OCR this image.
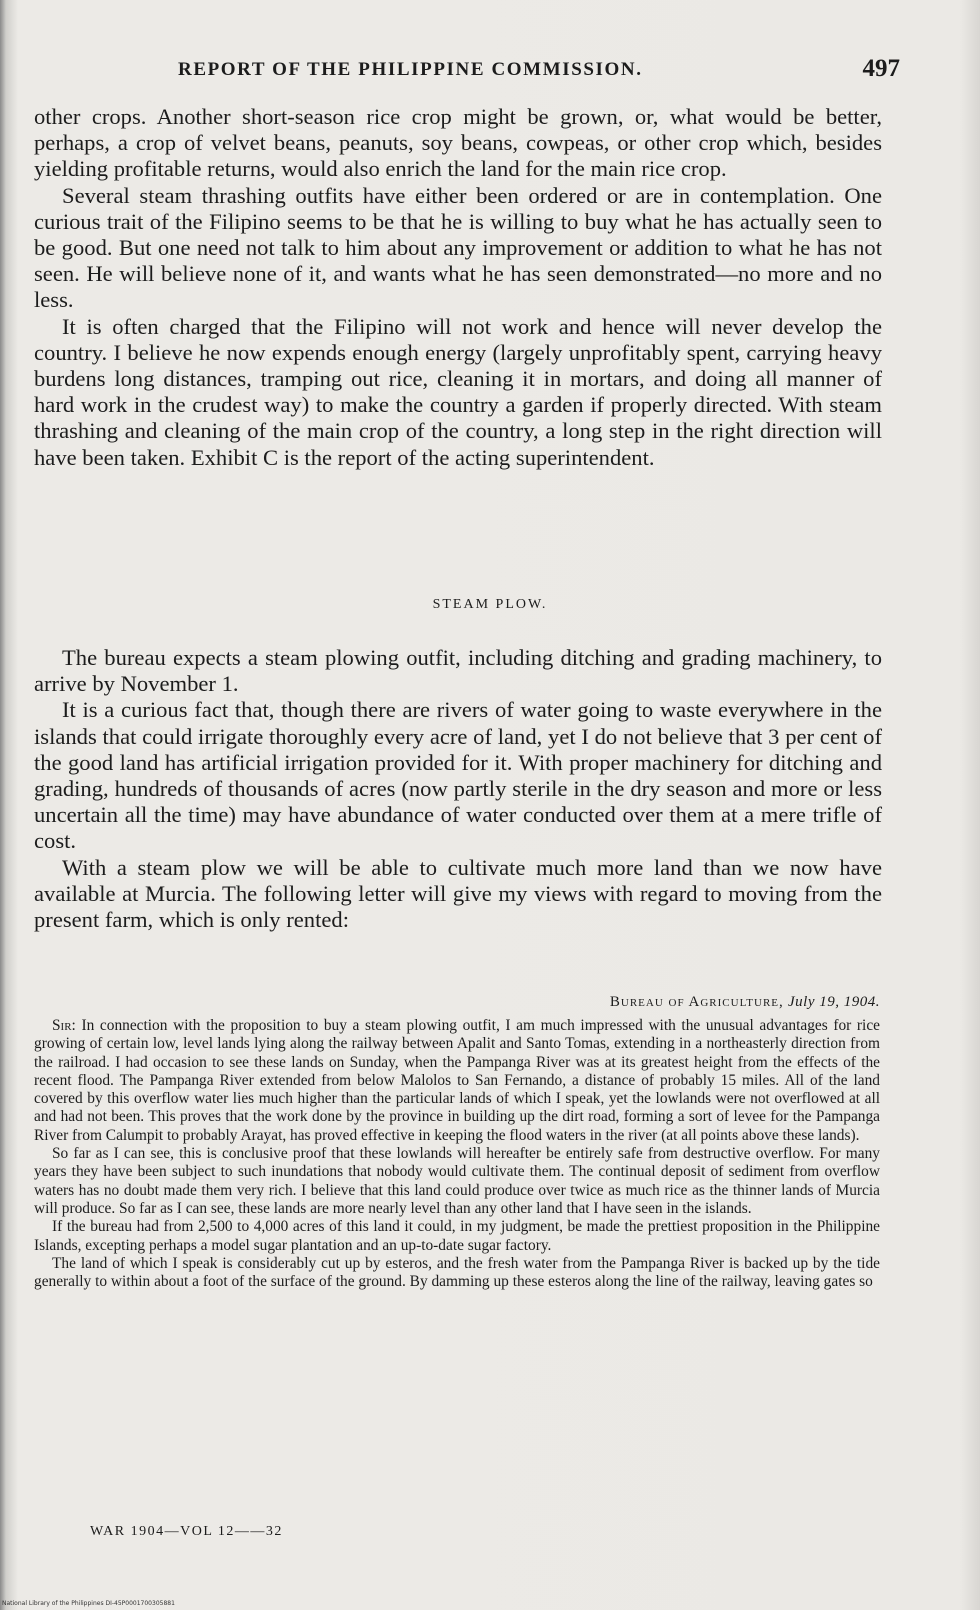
REPORT OF THE PHILIPPINE COMMISSION.	497

other crops. Another short-season rice crop might be grown, or, what would be better, perhaps, a crop of velvet beans, peanuts, soy beans, cowpeas, or other crop which, besides yielding profitable returns, would also enrich the land for the main rice crop.

Several steam thrashing outfits have either been ordered or are in contemplation. One curious trait of the Filipino seems to be that he is willing to buy what he has actually seen to be good. But one need not talk to him about any improvement or addition to what he has not seen. He will believe none of it, and wants what he has seen demonstrated—no more and no less.

It is often charged that the Filipino will not work and hence will never develop the country. I believe he now expends enough energy (largely unprofitably spent, carrying heavy burdens long distances, tramping out rice, cleaning it in mortars, and doing all manner of hard work in the crudest way) to make the country a garden if properly directed. With steam thrashing and cleaning of the main crop of the country, a long step in the right direction will have been taken. Exhibit C is the report of the acting superintendent.

STEAM PLOW.

The bureau expects a steam plowing outfit, including ditching and grading machinery, to arrive by November 1.

It is a curious fact that, though there are rivers of water going to waste everywhere in the islands that could irrigate thoroughly every acre of land, yet I do not believe that 3 per cent of the good land has artificial irrigation provided for it. With proper machinery for ditching and grading, hundreds of thousands of acres (now partly sterile in the dry season and more or less uncertain all the time) may have abundance of water conducted over them at a mere trifle of cost.

With a steam plow we will be able to cultivate much more land than we now have available at Murcia. The following letter will give my views with regard to moving from the present farm, which is only rented:

Bureau of Agriculture, July 19, 1904.

Sir: In connection with the proposition to buy a steam plowing outfit, I am much impressed with the unusual advantages for rice growing of certain low, level lands lying along the railway between Apalit and Santo Tomas, extending in a northeasterly direction from the railroad. I had occasion to see these lands on Sunday, when the Pampanga River was at its greatest height from the effects of the recent flood. The Pampanga River extended from below Malolos to San Fernando, a distance of probably 15 miles. All of the land covered by this overflow water lies much higher than the particular lands of which I speak, yet the lowlands were not overflowed at all and had not been. This proves that the work done by the province in building up the dirt road, forming a sort of levee for the Pampanga River from Calumpit to probably Arayat, has proved effective in keeping the flood waters in the river (at all points above these lands).

So far as I can see, this is conclusive proof that these lowlands will hereafter be entirely safe from destructive overflow. For many years they have been subject to such inundations that nobody would cultivate them. The continual deposit of sediment from overflow waters has no doubt made them very rich. I believe that this land could produce over twice as much rice as the thinner lands of Murcia will produce. So far as I can see, these lands are more nearly level than any other land that I have seen in the islands.

If the bureau had from 2,500 to 4,000 acres of this land it could, in my judgment, be made the prettiest proposition in the Philippine Islands, excepting perhaps a model sugar plantation and an up-to-date sugar factory.

The land of which I speak is considerably cut up by esteros, and the fresh water from the Pampanga River is backed up by the tide generally to within about a foot of the surface of the ground. By damming up these esteros along the line of the railway, leaving gates so

WAR 1904—VOL 12——32
National Library of the Philippines DI-45P0001700305881
